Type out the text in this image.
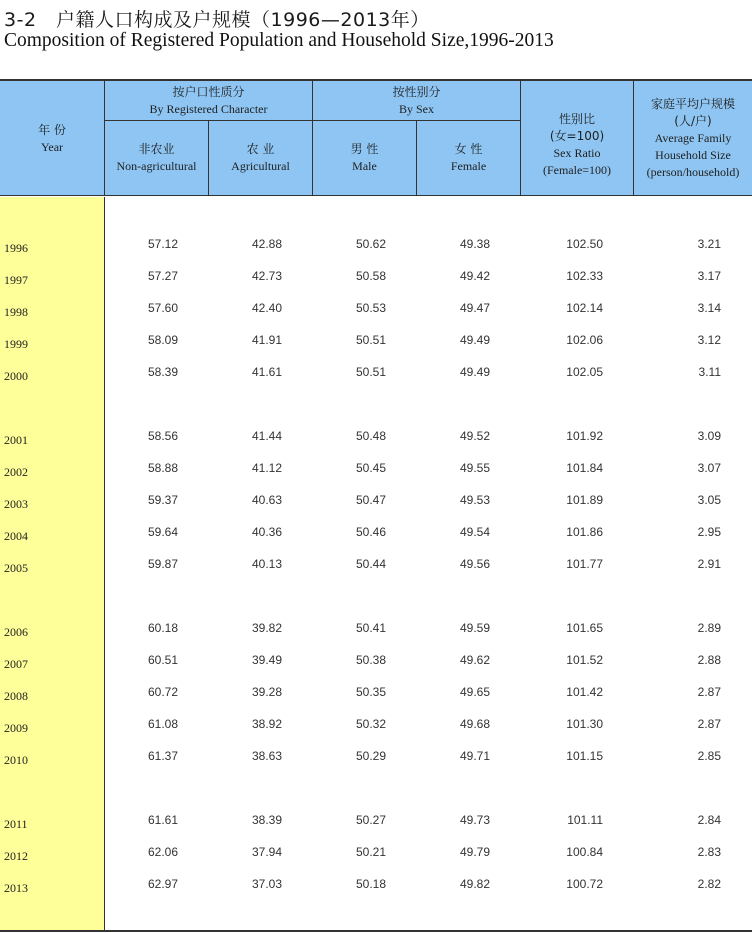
3-2　户籍人口构成及户规模（1996—2013年）
Composition of Registered Population and Household Size,1996-2013
年 份
Year
按户口性质分
By Registered Character
非农业
Non-agricultural
农 业
Agricultural
按性别分
By Sex
男 性
Male
女 性
Female
性别比
(女=100)
Sex Ratio
(Female=100)
家庭平均户规模
(人/户)
Average Family
Household Size
(person/household)
1996	57.12	42.88	50.62	49.38	102.50	3.21
1997	57.27	42.73	50.58	49.42	102.33	3.17
1998	57.60	42.40	50.53	49.47	102.14	3.14
1999	58.09	41.91	50.51	49.49	102.06	3.12
2000	58.39	41.61	50.51	49.49	102.05	3.11
2001	58.56	41.44	50.48	49.52	101.92	3.09
2002	58.88	41.12	50.45	49.55	101.84	3.07
2003	59.37	40.63	50.47	49.53	101.89	3.05
2004	59.64	40.36	50.46	49.54	101.86	2.95
2005	59.87	40.13	50.44	49.56	101.77	2.91
2006	60.18	39.82	50.41	49.59	101.65	2.89
2007	60.51	39.49	50.38	49.62	101.52	2.88
2008	60.72	39.28	50.35	49.65	101.42	2.87
2009	61.08	38.92	50.32	49.68	101.30	2.87
2010	61.37	38.63	50.29	49.71	101.15	2.85
2011	61.61	38.39	50.27	49.73	101.11	2.84
2012	62.06	37.94	50.21	49.79	100.84	2.83
2013	62.97	37.03	50.18	49.82	100.72	2.82
